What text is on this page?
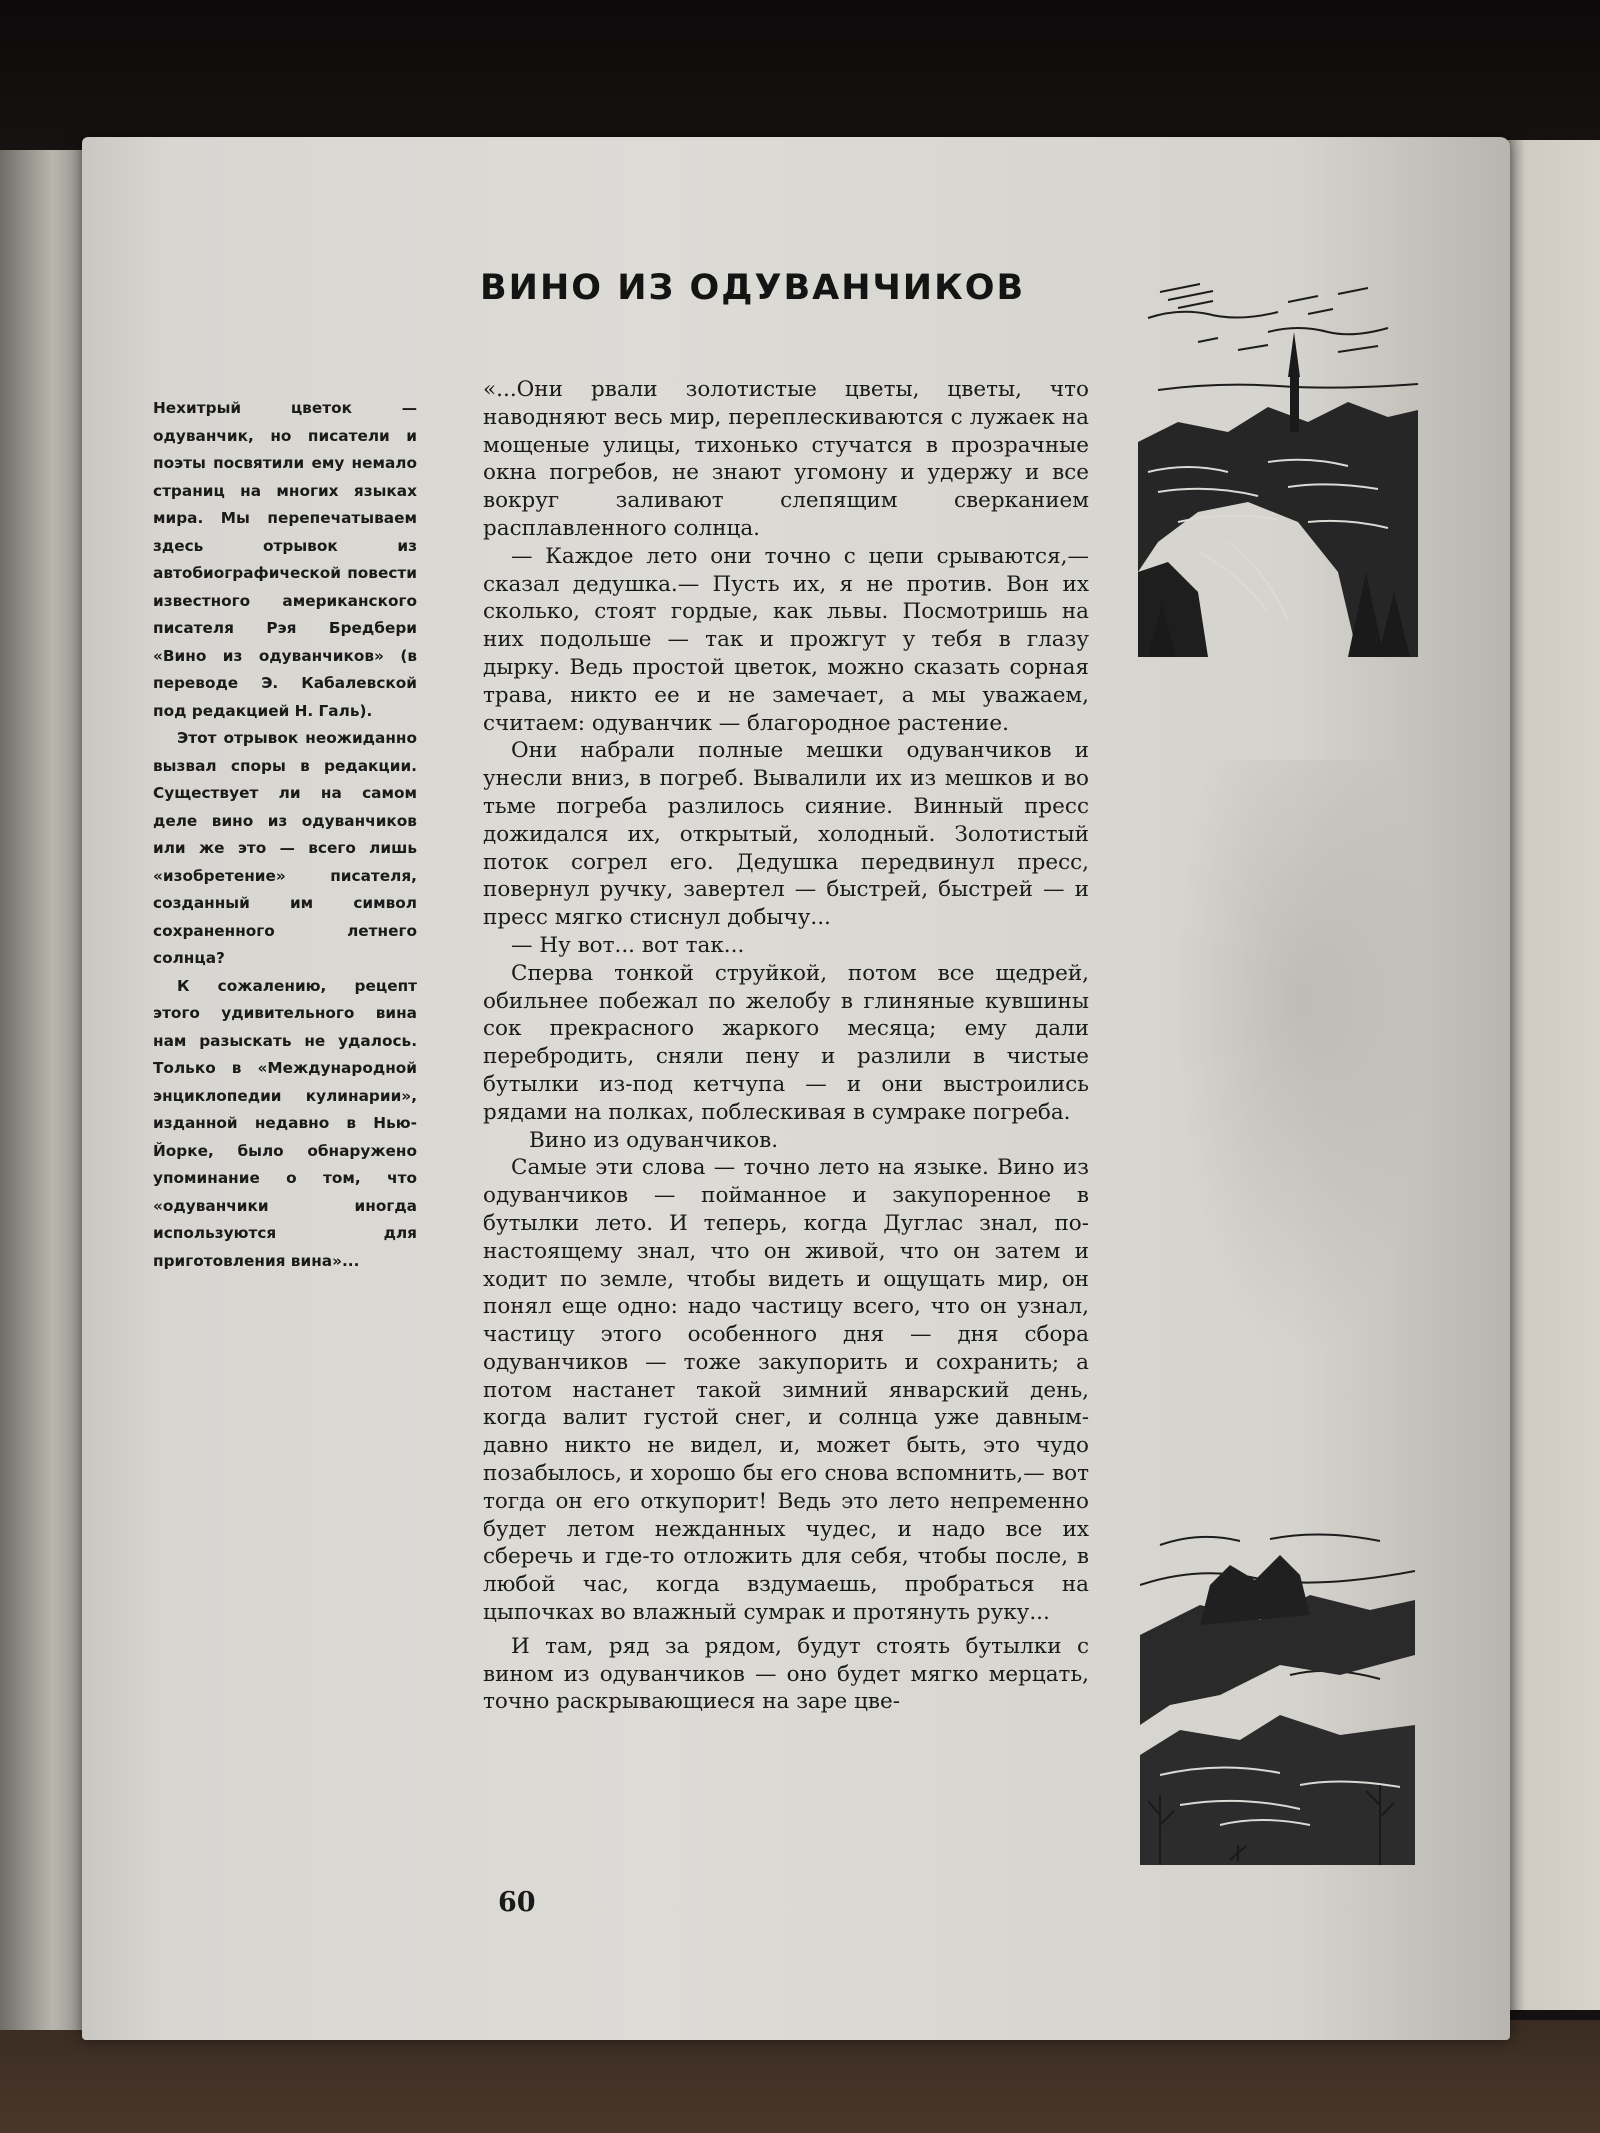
ВИНО ИЗ ОДУВАНЧИКОВ

Нехитрый цветок — одуванчик, но писатели и поэты посвятили ему немало страниц на многих языках мира. Мы перепечатываем здесь отрывок из автобиографической повести известного американского писателя Рэя Бредбери «Вино из одуванчиков» (в переводе Э. Кабалевской под редакцией Н. Галь).

Этот отрывок неожиданно вызвал споры в редакции. Существует ли на самом деле вино из одуванчиков или же это — всего лишь «изобретение» писателя, созданный им символ сохраненного летнего солнца?

К сожалению, рецепт этого удивительного вина нам разыскать не удалось. Только в «Международной энциклопедии кулинарии», изданной недавно в Нью-Йорке, было обнаружено упоминание о том, что «одуванчики иногда используются для приготовления вина»...

«...Они рвали золотистые цветы, цветы, что наводняют весь мир, переплескиваются с лужаек на мощеные улицы, тихонько стучатся в прозрачные окна погребов, не знают угомону и удержу и все вокруг заливают слепящим сверканием расплавленного солнца.

— Каждое лето они точно с цепи срываются,— сказал дедушка.— Пусть их, я не против. Вон их сколько, стоят гордые, как львы. Посмотришь на них подольше — так и прожгут у тебя в глазу дырку. Ведь простой цветок, можно сказать сорная трава, никто ее и не замечает, а мы уважаем, считаем: одуванчик — благородное растение.

Они набрали полные мешки одуванчиков и унесли вниз, в погреб. Вывалили их из мешков и во тьме погреба разлилось сияние. Винный пресс дожидался их, открытый, холодный. Золотистый поток согрел его. Дедушка передвинул пресс, повернул ручку, завертел — быстрей, быстрей — и пресс мягко стиснул добычу...

— Ну вот... вот так...

Сперва тонкой струйкой, потом все щедрей, обильнее побежал по желобу в глиняные кувшины сок прекрасного жаркого месяца; ему дали перебродить, сняли пену и разлили в чистые бутылки из-под кетчупа — и они выстроились рядами на полках, поблескивая в сумраке погреба.

Вино из одуванчиков.

Самые эти слова — точно лето на языке. Вино из одуванчиков — пойманное и закупоренное в бутылки лето. И теперь, когда Дуглас знал, по-настоящему знал, что он живой, что он затем и ходит по земле, чтобы видеть и ощущать мир, он понял еще одно: надо частицу всего, что он узнал, частицу этого особенного дня — дня сбора одуванчиков — тоже закупорить и сохранить; а потом настанет такой зимний январский день, когда валит густой снег, и солнца уже давным-давно никто не видел, и, может быть, это чудо позабылось, и хорошо бы его снова вспомнить,— вот тогда он его откупорит! Ведь это лето непременно будет летом нежданных чудес, и надо все их сберечь и где-то отложить для себя, чтобы после, в любой час, когда вздумаешь, пробраться на цыпочках во влажный сумрак и протянуть руку...

И там, ряд за рядом, будут стоять бутылки с вином из одуванчиков — оно будет мягко мерцать, точно раскрывающиеся на заре цве-

60
